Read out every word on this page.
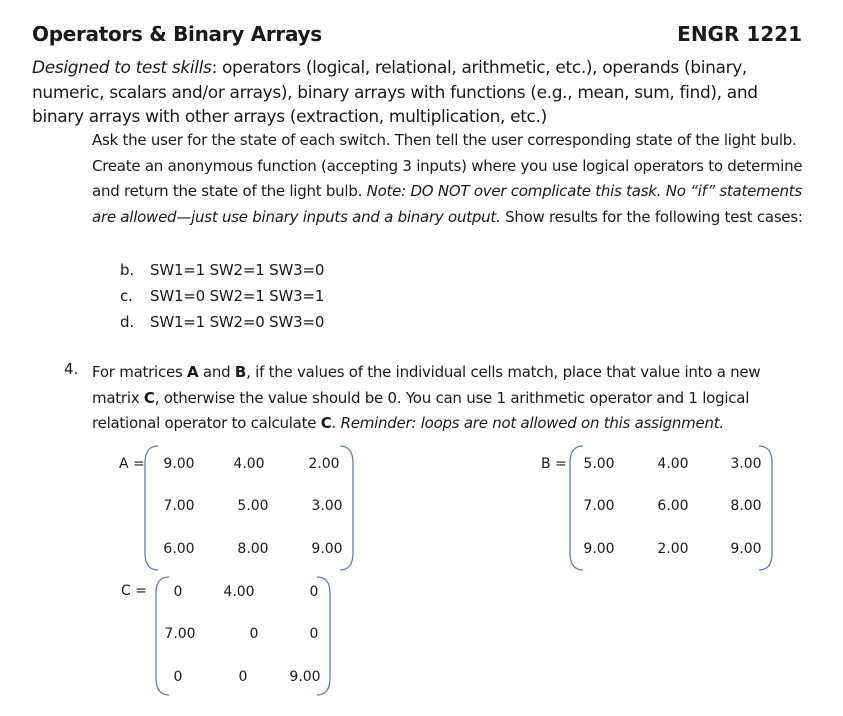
Operators & Binary Arrays	ENGR 1221
Designed to test skills: operators (logical, relational, arithmetic, etc.), operands (binary, numeric, scalars and/or arrays), binary arrays with functions (e.g., mean, sum, find), and binary arrays with other arrays (extraction, multiplication, etc.)

Ask the user for the state of each switch. Then tell the user corresponding state of the light bulb. Create an anonymous function (accepting 3 inputs) where you use logical operators to determine and return the state of the light bulb. Note: DO NOT over complicate this task. No “if” statements are allowed—just use binary inputs and a binary output. Show results for the following test cases:

b. SW1=1 SW2=1 SW3=0
c. SW1=0 SW2=1 SW3=1
d. SW1=1 SW2=0 SW3=0
4. For matrices A and B, if the values of the individual cells match, place that value into a new matrix C, otherwise the value should be 0. You can use 1 arithmetic operator and 1 logical relational operator to calculate C. Reminder: loops are not allowed on this assignment.

A =	9.00	4.00	2.00
7.00	5.00	3.00
6.00	8.00	9.00
B =	5.00	4.00	3.00
7.00	6.00	8.00
9.00	2.00	9.00
C =	0	4.00	0
7.00	0	0
0	0	9.00
